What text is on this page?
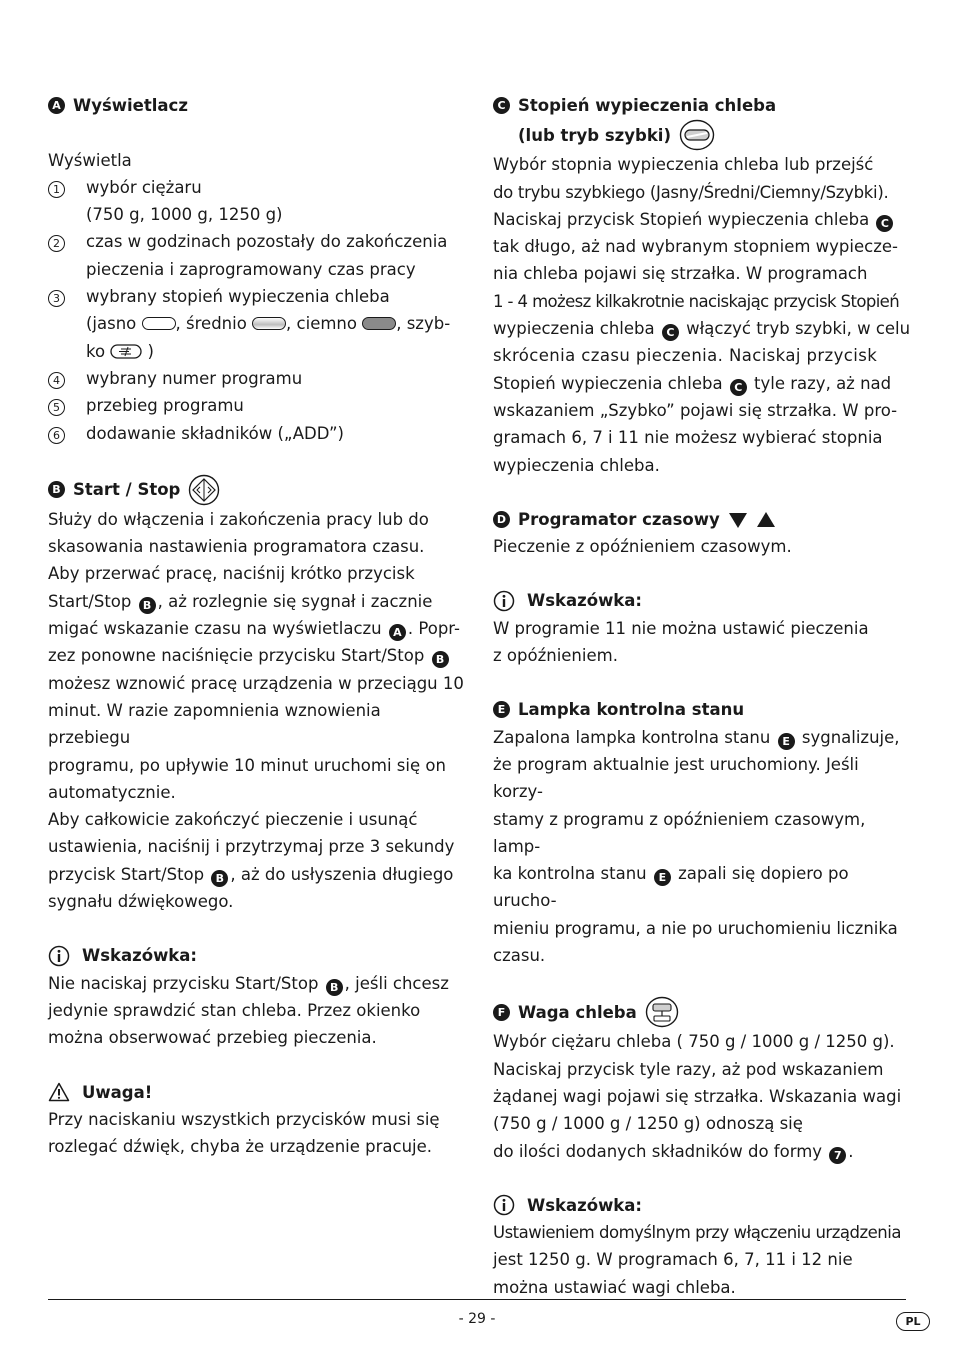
A Wyświetlacz

Wyświetla

1	wybór ciężaru

(750 g, 1000 g, 1250 g)

2	czas w godzinach pozostały do zakończenia

pieczenia i zaprogramowany czas pracy

3	wybrany stopień wypieczenia chleba

(jasno , średnio , ciemno , szyb-

ko  )

4	wybrany numer programu

5	przebieg programu

6	dodawanie składników („ADD”)

B Start / Stop

Służy do włączenia i zakończenia pracy lub do

skasowania nastawienia programatora czasu.

Aby przerwać pracę, naciśnij krótko przycisk

Start/Stop B , aż rozlegnie się sygnał i zacznie

migać wskazanie czasu na wyświetlaczu A . Popr-

zez ponowne naciśnięcie przycisku Start/Stop B

możesz wznowić pracę urządzenia w przeciągu 10

minut. W razie zapomnienia wznowienia przebiegu

programu, po upływie 10 minut uruchomi się on

automatycznie.

Aby całkowicie zakończyć pieczenie i usunąć

ustawienia, naciśnij i przytrzymaj prze 3 sekundy

przycisk Start/Stop B , aż do usłyszenia długiego

sygnału dźwiękowego.

Wskazówka:

Nie naciskaj przycisku Start/Stop B , jeśli chcesz

jedynie sprawdzić stan chleba. Przez okienko

można obserwować przebieg pieczenia.

Uwaga!

Przy naciskaniu wszystkich przycisków musi się

rozlegać dźwięk, chyba że urządzenie pracuje.

C Stopień wypieczenia chleba
(lub tryb szybki)

Wybór stopnia wypieczenia chleba lub przejść

do trybu szybkiego (Jasny/Średni/Ciemny/Szybki).

Naciskaj przycisk Stopień wypieczenia chleba C

tak długo, aż nad wybranym stopniem wypiecze-

nia chleba pojawi się strzałka. W programach

1 - 4 możesz kilkakrotnie naciskając przycisk Stopień

wypieczenia chleba C włączyć tryb szybki, w celu

skrócenia czasu pieczenia. Naciskaj przycisk

Stopień wypieczenia chleba C tyle razy, aż nad

wskazaniem „Szybko” pojawi się strzałka. W pro-

gramach 6, 7 i 11 nie możesz wybierać stopnia

wypieczenia chleba.

D Programator czasowy

Pieczenie z opóźnieniem czasowym.

Wskazówka:

W programie 11 nie można ustawić pieczenia

z opóźnieniem.

E Lampka kontrolna stanu

Zapalona lampka kontrolna stanu E sygnalizuje,

że program aktualnie jest uruchomiony. Jeśli korzy-

stamy z programu z opóźnieniem czasowym, lamp-

ka kontrolna stanu E zapali się dopiero po urucho-

mieniu programu, a nie po uruchomieniu licznika

czasu.

F Waga chleba

Wybór ciężaru chleba ( 750 g / 1000 g / 1250 g).

Naciskaj przycisk tyle razy, aż pod wskazaniem

żądanej wagi pojawi się strzałka. Wskazania wagi

(750 g / 1000 g / 1250 g) odnoszą się

do ilości dodanych składników do formy 7 .

Wskazówka:

Ustawieniem domyślnym przy włączeniu urządzenia

jest 1250 g. W programach 6, 7, 11 i 12 nie

można ustawiać wagi chleba.

- 29 -	PL
